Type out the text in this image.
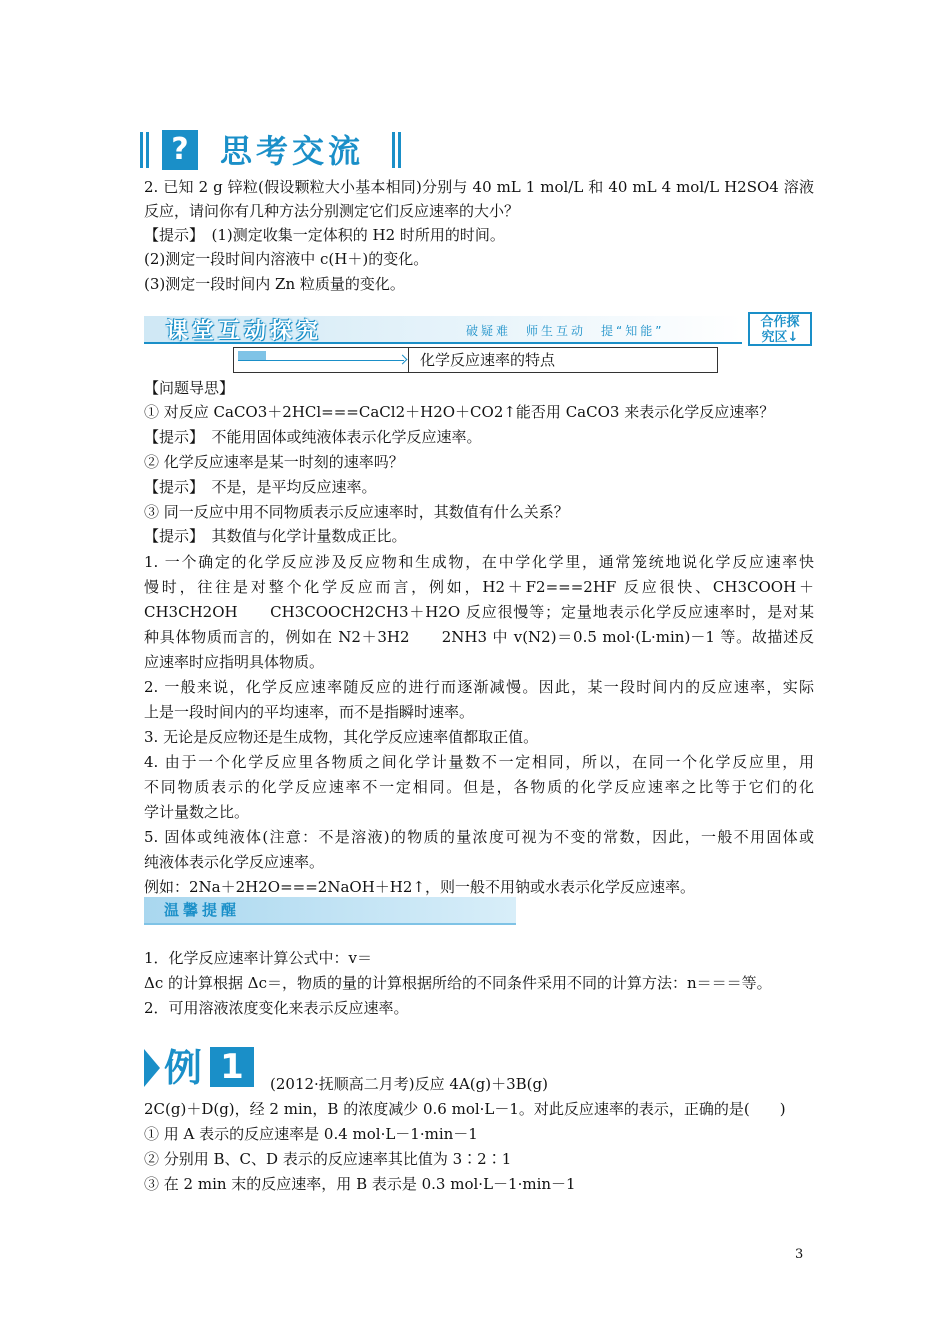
? 思考交流
2. 已知 2 g 锌粒(假设颗粒大小基本相同)分别与 40 mL 1 mol/L 和 40 mL 4 mol/L H2SO4 溶液
反应，请问你有几种方法分别测定它们反应速率的大小？
【提示】　(1)测定收集一定体积的 H2 时所用的时间。
(2)测定一段时间内溶液中 c(H＋)的变化。
(3)测定一段时间内 Zn 粒质量的变化。
课堂互动探究	破疑难　师生互动　提“知能”
合作探
究区↓
化学反应速率的特点
【问题导思】
① 对反应 CaCO3＋2HCl===CaCl2＋H2O＋CO2↑能否用 CaCO3 来表示化学反应速率？
【提示】　不能用固体或纯液体表示化学反应速率。
② 化学反应速率是某一时刻的速率吗？
【提示】　不是，是平均反应速率。
③ 同一反应中用不同物质表示反应速率时，其数值有什么关系？
【提示】　其数值与化学计量数成正比。
1. 一个确定的化学反应涉及反应物和生成物，在中学化学里，通常笼统地说化学反应速率快
慢时，往往是对整个化学反应而言，例如，H2＋F2===2HF 反应很快、CH3COOH＋
CH3CH2OH　　CH3COOCH2CH3＋H2O 反应很慢等；定量地表示化学反应速率时，是对某
种具体物质而言的，例如在 N2＋3H2　　2NH3 中 v(N2)＝0.5 mol·(L·min)－1 等。故描述反
应速率时应指明具体物质。
2. 一般来说，化学反应速率随反应的进行而逐渐减慢。因此，某一段时间内的反应速率，实际
上是一段时间内的平均速率，而不是指瞬时速率。
3. 无论是反应物还是生成物，其化学反应速率值都取正值。
4. 由于一个化学反应里各物质之间化学计量数不一定相同，所以，在同一个化学反应里，用
不同物质表示的化学反应速率不一定相同。但是，各物质的化学反应速率之比等于它们的化
学计量数之比。
5. 固体或纯液体(注意：不是溶液)的物质的量浓度可视为不变的常数，因此，一般不用固体或
纯液体表示化学反应速率。
例如：2Na＋2H2O===2NaOH＋H2↑，则一般不用钠或水表示化学反应速率。
温馨提醒
1．化学反应速率计算公式中：v＝
Δc 的计算根据 Δc＝，物质的量的计算根据所给的不同条件采用不同的计算方法：n＝＝＝等。
2．可用溶液浓度变化来表示反应速率。
例 1	(2012·抚顺高二月考)反应 4A(g)＋3B(g)
2C(g)＋D(g)，经 2 min，B 的浓度减少 0.6 mol·L－1。对此反应速率的表示，正确的是(　　)
① 用 A 表示的反应速率是 0.4 mol·L－1·min－1
② 分别用 B、C、D 表示的反应速率其比值为 3∶2∶1
③ 在 2 min 末的反应速率，用 B 表示是 0.3 mol·L－1·min－1
3
